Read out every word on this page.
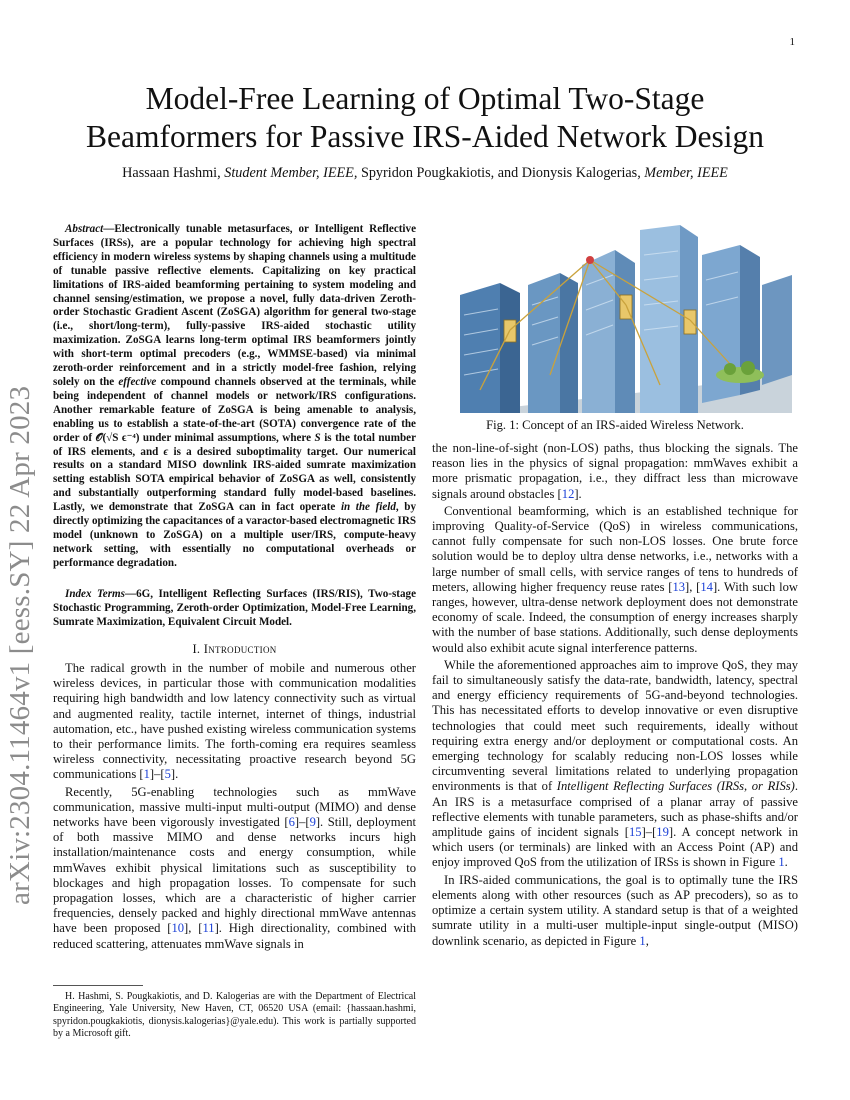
1
arXiv:2304.11464v1 [eess.SY] 22 Apr 2023
Model-Free Learning of Optimal Two-Stage
Beamformers for Passive IRS-Aided Network Design
Hassaan Hashmi, Student Member, IEEE, Spyridon Pougkakiotis, and Dionysis Kalogerias, Member, IEEE

Abstract—Electronically tunable metasurfaces, or Intelligent Reflective Surfaces (IRSs), are a popular technology for achieving high spectral efficiency in modern wireless systems by shaping channels using a multitude of tunable passive reflective elements. Capitalizing on key practical limitations of IRS-aided beamforming pertaining to system modeling and channel sensing/estimation, we propose a novel, fully data-driven Zeroth-order Stochastic Gradient Ascent (ZoSGA) algorithm for general two-stage (i.e., short/long-term), fully-passive IRS-aided stochastic utility maximization. ZoSGA learns long-term optimal IRS beamformers jointly with short-term optimal precoders (e.g., WMMSE-based) via minimal zeroth-order reinforcement and in a strictly model-free fashion, relying solely on the effective compound channels observed at the terminals, while being independent of channel models or network/IRS configurations. Another remarkable feature of ZoSGA is being amenable to analysis, enabling us to establish a state-of-the-art (SOTA) convergence rate of the order of 𝒪(√S ϵ⁻⁴) under minimal assumptions, where S is the total number of IRS elements, and ϵ is a desired suboptimality target. Our numerical results on a standard MISO downlink IRS-aided sumrate maximization setting establish SOTA empirical behavior of ZoSGA as well, consistently and substantially outperforming standard fully model-based baselines. Lastly, we demonstrate that ZoSGA can in fact operate in the field, by directly optimizing the capacitances of a varactor-based electromagnetic IRS model (unknown to ZoSGA) on a multiple user/IRS, compute-heavy network setting, with essentially no computational overheads or performance degradation.

Index Terms—6G, Intelligent Reflecting Surfaces (IRS/RIS), Two-stage Stochastic Programming, Zeroth-order Optimization, Model-Free Learning, Sumrate Maximization, Equivalent Circuit Model.

I. Introduction

The radical growth in the number of mobile and numerous other wireless devices, in particular those with communication modalities requiring high bandwidth and low latency connectivity such as virtual and augmented reality, tactile internet, internet of things, industrial automation, etc., have pushed existing wireless communication systems to their performance limits. The forth-coming era requires seamless wireless connectivity, necessitating proactive research beyond 5G communications [1]–[5].

Recently, 5G-enabling technologies such as mmWave communication, massive multi-input multi-output (MIMO) and dense networks have been vigorously investigated [6]–[9]. Still, deployment of both massive MIMO and dense networks incurs high installation/maintenance costs and energy consumption, while mmWaves exhibit physical limitations such as susceptibility to blockages and high propagation losses. To compensate for such propagation losses, which are a characteristic of higher carrier frequencies, densely packed and highly directional mmWave antennas have been proposed [10], [11]. High directionality, combined with reduced scattering, attenuates mmWave signals in

H. Hashmi, S. Pougkakiotis, and D. Kalogerias are with the Department of Electrical Engineering, Yale University, New Haven, CT, 06520 USA (email: {hassaan.hashmi, spyridon.pougkakiotis, dionysis.kalogerias}@yale.edu). This work is partially supported by a Microsoft gift.

Fig. 1: Concept of an IRS-aided Wireless Network.

the non-line-of-sight (non-LOS) paths, thus blocking the signals. The reason lies in the physics of signal propagation: mmWaves exhibit a more prismatic propagation, i.e., they diffract less than microwave signals around obstacles [12].

Conventional beamforming, which is an established technique for improving Quality-of-Service (QoS) in wireless communications, cannot fully compensate for such non-LOS losses. One brute force solution would be to deploy ultra dense networks, i.e., networks with a large number of small cells, with service ranges of tens to hundreds of meters, allowing higher frequency reuse rates [13], [14]. With such low ranges, however, ultra-dense network deployment does not demonstrate economy of scale. Indeed, the consumption of energy increases sharply with the number of base stations. Additionally, such dense deployments would also exhibit acute signal interference patterns.

While the aforementioned approaches aim to improve QoS, they may fail to simultaneously satisfy the data-rate, bandwidth, latency, spectral and energy efficiency requirements of 5G-and-beyond technologies. This has necessitated efforts to develop innovative or even disruptive technologies that could meet such requirements, ideally without requiring extra energy and/or deployment or computational costs. An emerging technology for scalably reducing non-LOS losses while circumventing several limitations related to underlying propagation environments is that of Intelligent Reflecting Surfaces (IRSs, or RISs). An IRS is a metasurface comprised of a planar array of passive reflective elements with tunable parameters, such as phase-shifts and/or amplitude gains of incident signals [15]–[19]. A concept network in which users (or terminals) are linked with an Access Point (AP) and enjoy improved QoS from the utilization of IRSs is shown in Figure 1.

In IRS-aided communications, the goal is to optimally tune the IRS elements along with other resources (such as AP precoders), so as to optimize a certain system utility. A standard setup is that of a weighted sumrate utility in a multi-user multiple-input single-output (MISO) downlink scenario, as depicted in Figure 1,
